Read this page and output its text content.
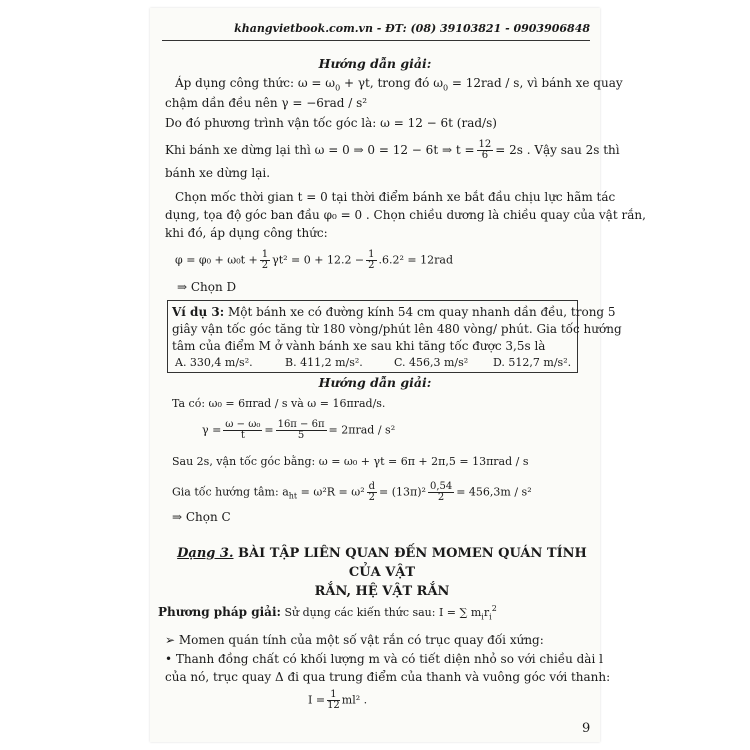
khangvietbook.com.vn - ĐT: (08) 39103821 - 0903906848
Hướng dẫn giải:
Áp dụng công thức: $\omega = \omega_0 + \gamma t$, trong đó $\omega_0 = 12rad / s$, vì bánh xe quay
chậm dần đều nên γ = −6rad / s²
Do đó phương trình vận tốc góc là: ω = 12 − 6t (rad/s)
Khi bánh xe dừng lại thì ω = 0 ⇒ 0 = 12 − 6t ⇒ $t = \frac{12}{6} = 2s$ . Vậy sau 2s thì
bánh xe dừng lại.
Chọn mốc thời gian t = 0 tại thời điểm bánh xe bắt đầu chịu lực hãm tác
dụng, tọa độ góc ban đầu φ₀ = 0 . Chọn chiều dương là chiều quay của vật rắn,
khi đó, áp dụng công thức:
$\varphi = \varphi_0 + \omega_0t + \frac{1}{2} \gamma t^2 = 0 + 12.2 - \frac{1}{2} .6.2^2 = 12rad$
⇒ Chọn D
Ví dụ 3: Một bánh xe có đường kính 54 cm quay nhanh dần đều, trong 5
giây vận tốc góc tăng từ 180 vòng/phút lên 480 vòng/ phút. Gia tốc hướng
tâm của điểm M ở vành bánh xe sau khi tăng tốc được 3,5s là
A. 330,4 m/s².	B. 411,2 m/s².	C. 456,3 m/s² D. 512,7 m/s².
Hướng dẫn giải:
Ta có: ω₀ = 6πrad / s và ω = 16πrad/s.
$\gamma = \frac{\text{ω − ω₀}}{t} = \frac{16\pi - 6\pi}{5} = 2\pi rad / s^2$
Sau 2s, vận tốc góc bằng: ω = ω₀ + γt = 6π + 2π,5 = 13πrad / s
Gia tốc hướng tâm: $a_{ht} = \omega^2R = \omega^2 \frac{d}{2} = (13\pi)^2 \frac{0,54}{2} = 456,3m / s^2$
⇒ Chọn C
Dạng 3. BÀI TẬP LIÊN QUAN ĐẾN MOMEN QUÁN TÍNH CỦA VẬT
RẮN, HỆ VẬT RẮN
Phương pháp giải: Sử dụng các kiến thức sau: I = ∑ $m_ir_i^2$
➢ Momen quán tính của một số vật rắn có trục quay đối xứng:
• Thanh đồng chất có khối lượng m và có tiết diện nhỏ so với chiều dài l
của nó, trục quay Δ đi qua trung điểm của thanh và vuông góc với thanh:
$I = \frac{1}{12} ml^2$ .
9
